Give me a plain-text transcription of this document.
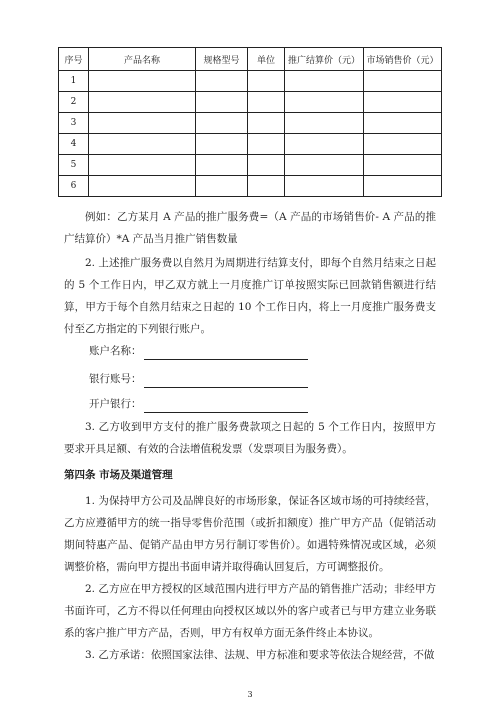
序号	产品名称	规格型号	单位	推广结算价（元）	市场销售价（元）
1					
2					
3					
4					
5					
6					

例如：乙方某月 A 产品的推广服务费=（A 产品的市场销售价- A 产品的推广结算价）*A 产品当月推广销售数量

2. 上述推广服务费以自然月为周期进行结算支付，即每个自然月结束之日起的 5 个工作日内，甲乙双方就上一月度推广订单按照实际已回款销售额进行结算，甲方于每个自然月结束之日起的 10 个工作日内，将上一月度推广服务费支付至乙方指定的下列银行账户。

账户名称：
银行账号：
开户银行：

3. 乙方收到甲方支付的推广服务费款项之日起的 5 个工作日内，按照甲方要求开具足额、有效的合法增值税发票（发票项目为服务费）。

第四条 市场及渠道管理

1. 为保持甲方公司及品牌良好的市场形象，保证各区域市场的可持续经营，乙方应遵循甲方的统一指导零售价范围（或折扣额度）推广甲方产品（促销活动期间特惠产品、促销产品由甲方另行制订零售价）。如遇特殊情况或区域，必须调整价格，需向甲方提出书面申请并取得确认回复后，方可调整报价。

2. 乙方应在甲方授权的区域范围内进行甲方产品的销售推广活动；非经甲方书面许可，乙方不得以任何理由向授权区域以外的客户或者已与甲方建立业务联系的客户推广甲方产品，否则，甲方有权单方面无条件终止本协议。

3. 乙方承诺：依照国家法律、法规、甲方标准和要求等依法合规经营，不做

3
